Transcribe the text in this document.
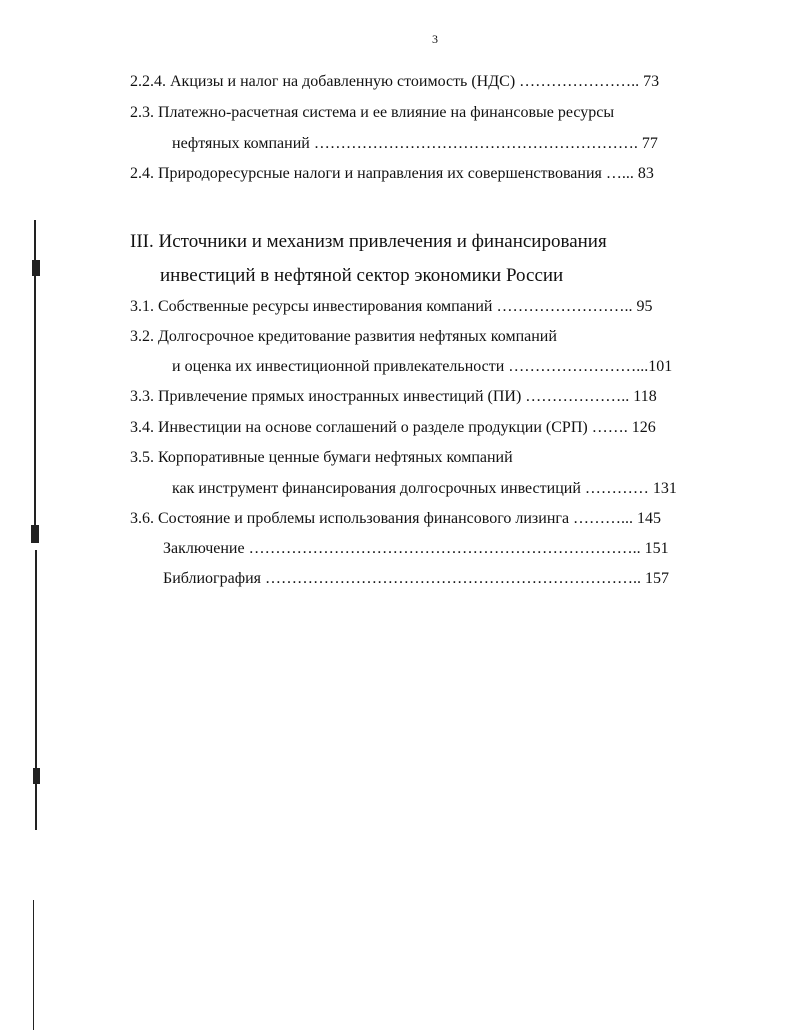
3
2.2.4. Акцизы и налог на добавленную стоимость (НДС) ………………….. 73
2.3. Платежно-расчетная система и ее влияние на финансовые ресурсы
нефтяных компаний ……………………………………………………. 77
2.4. Природоресурсные налоги и направления их совершенствования …... 83
III. Источники и механизм привлечения и финансирования
инвестиций в нефтяной сектор экономики России
3.1. Собственные ресурсы инвестирования компаний …………………….. 95
3.2. Долгосрочное кредитование развития нефтяных компаний
и оценка их инвестиционной привлекательности ……………………...101
3.3. Привлечение прямых иностранных инвестиций (ПИ) ……………….. 118
3.4. Инвестиции на основе соглашений о разделе продукции (СРП) ……. 126
3.5. Корпоративные ценные бумаги нефтяных компаний
как инструмент финансирования долгосрочных инвестиций ………… 131
3.6. Состояние и проблемы использования финансового лизинга ………... 145
Заключение ……………………………………………………………….. 151
Библиография …………………………………………………………….. 157
